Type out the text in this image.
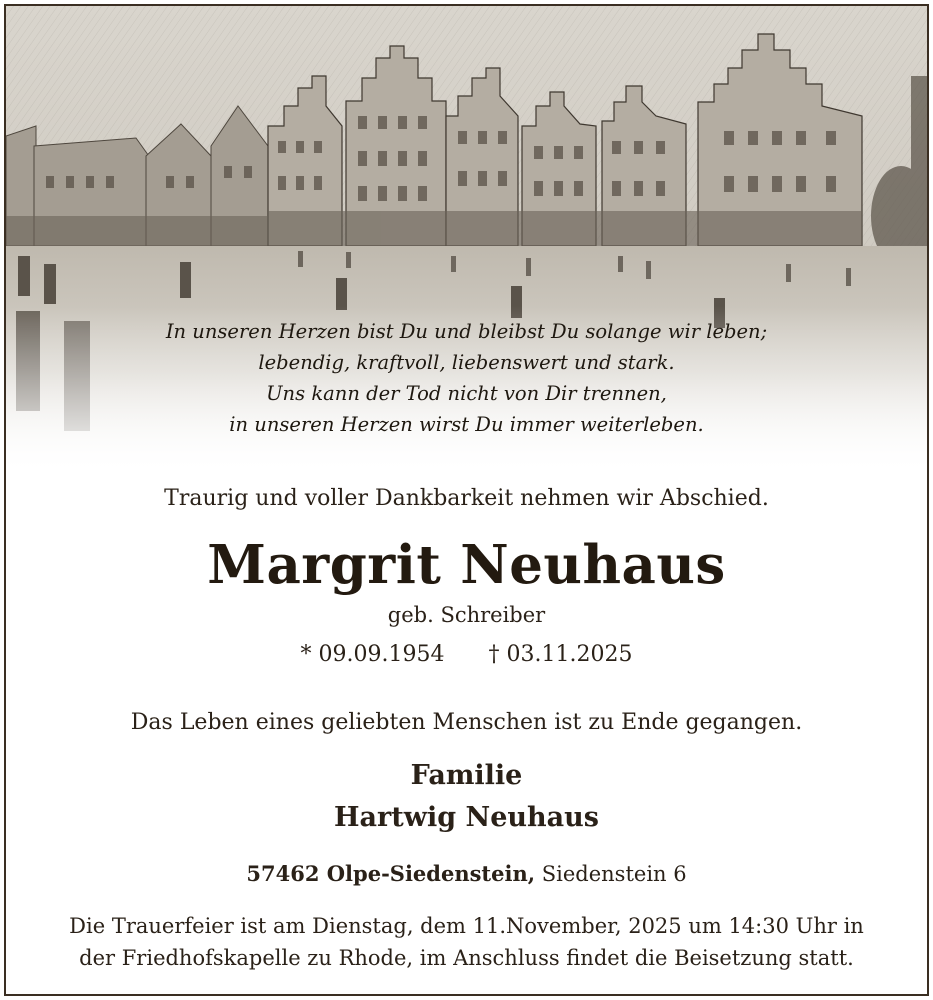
In unseren Herzen bist Du und bleibst Du solange wir leben;
lebendig, kraftvoll, liebenswert und stark.
Uns kann der Tod nicht von Dir trennen,
in unseren Herzen wirst Du immer weiterleben.
Traurig und voller Dankbarkeit nehmen wir Abschied.
Margrit Neuhaus
geb. Schreiber
* 09.09.1954 † 03.11.2025
Das Leben eines geliebten Menschen ist zu Ende gegangen.
Familie
Hartwig Neuhaus
57462 Olpe-Siedenstein, Siedenstein 6
Die Trauerfeier ist am Dienstag, dem 11.November, 2025 um 14:30 Uhr in
der Friedhofskapelle zu Rhode, im Anschluss findet die Beisetzung statt.
